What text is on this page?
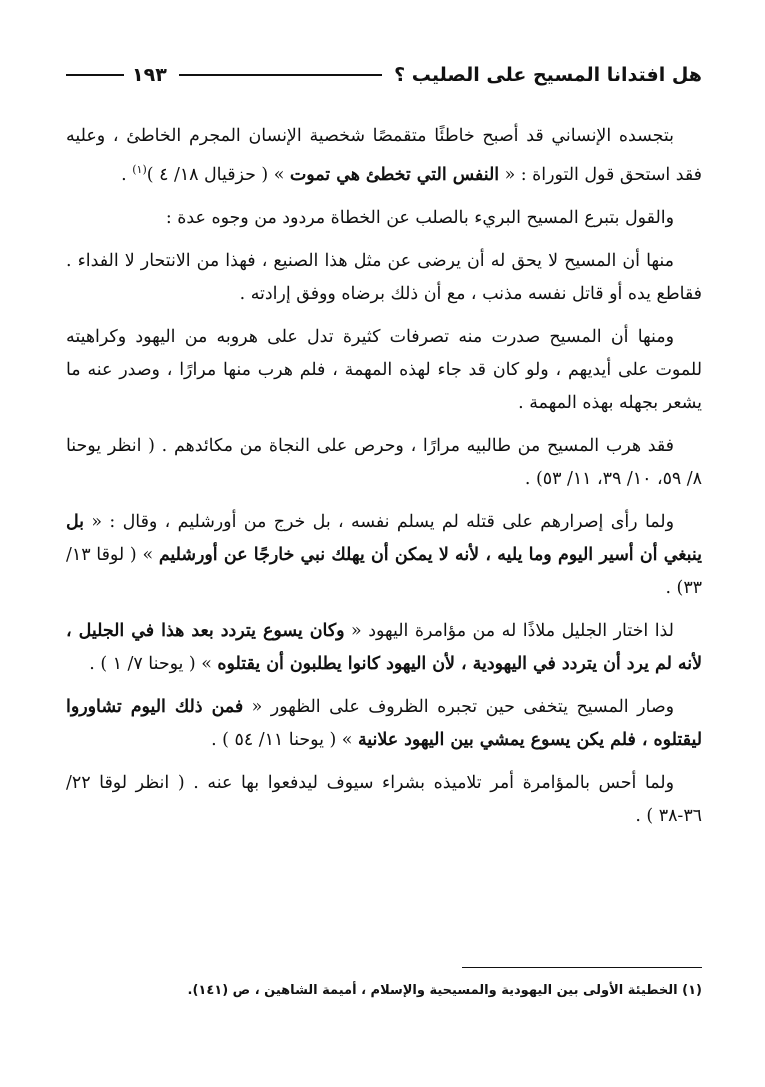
هل افتدانا المسيح على الصليب ؟
١٩٣

بتجسده الإنساني قد أصبح خاطئًا متقمصًا شخصية الإنسان المجرم الخاطئ ، وعليه فقد استحق قول التوراة : « النفس التي تخطئ هي تموت » ( حزقيال ١٨/ ٤ )$^{(١)}$ .

والقول بتبرع المسيح البريء بالصلب عن الخطاة مردود من وجوه عدة :

منها أن المسيح لا يحق له أن يرضى عن مثل هذا الصنيع ، فهذا من الانتحار لا الفداء . فقاطع يده أو قاتل نفسه مذنب ، مع أن ذلك برضاه ووفق إرادته .

ومنها أن المسيح صدرت منه تصرفات كثيرة تدل على هروبه من اليهود وكراهيته للموت على أيديهم ، ولو كان قد جاء لهذه المهمة ، فلم هرب منها مرارًا ، وصدر عنه ما يشعر بجهله بهذه المهمة .

فقد هرب المسيح من طالبيه مرارًا ، وحرص على النجاة من مكائدهم . ( انظر يوحنا ٨/ ٥٩، ١٠/ ٣٩، ١١/ ٥٣) .

ولما رأى إصرارهم على قتله لم يسلم نفسه ، بل خرج من أورشليم ، وقال : « بل ينبغي أن أسير اليوم وما يليه ، لأنه لا يمكن أن يهلك نبي خارجًا عن أورشليم » ( لوقا ١٣/ ٣٣) .

لذا اختار الجليل ملاذًا له من مؤامرة اليهود « وكان يسوع يتردد بعد هذا في الجليل ، لأنه لم يرد أن يتردد في اليهودية ، لأن اليهود كانوا يطلبون أن يقتلوه » ( يوحنا ٧/ ١ ) .

وصار المسيح يتخفى حين تجبره الظروف على الظهور « فمن ذلك اليوم تشاوروا ليقتلوه ، فلم يكن يسوع يمشي بين اليهود علانية » ( يوحنا ١١/ ٥٤ ) .

ولما أحس بالمؤامرة أمر تلاميذه بشراء سيوف ليدفعوا بها عنه . ( انظر لوقا ٢٢/ ٣٦-٣٨ ) .

(١) الخطيئة الأولى بين اليهودية والمسيحية والإسلام ، أميمة الشاهين ، ص (١٤١).
